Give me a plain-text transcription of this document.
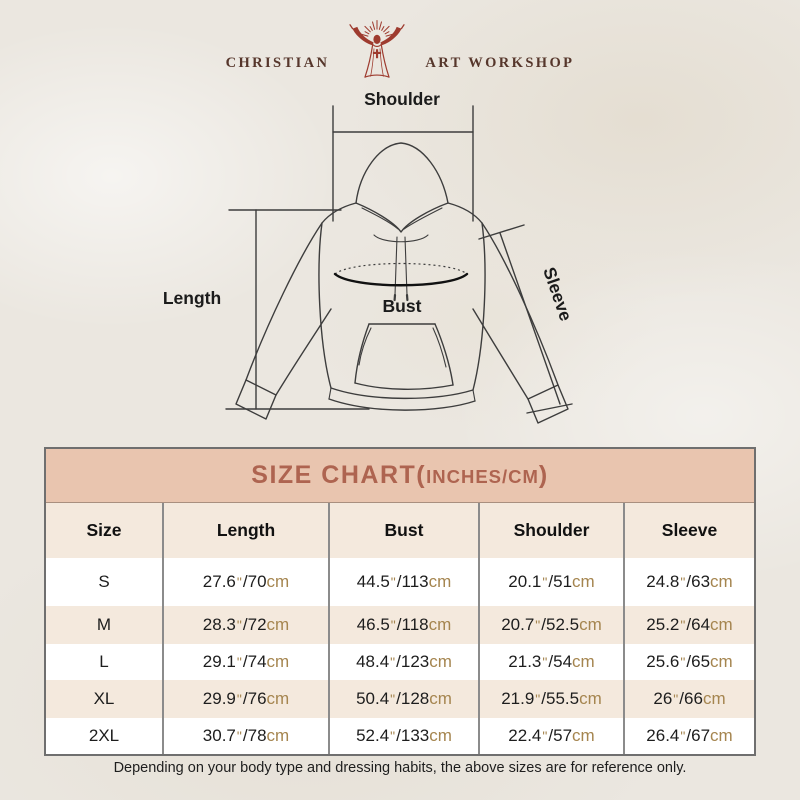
CHRISTIAN	ART WORKSHOP
Shoulder
Length	Sleeve
Bust
SIZE CHART( INCHES/CM )
Size	Length	Bust	Shoulder	Sleeve
S	27.6 " / 70 cm	44.5 " / 113 cm	20.1 " / 51 cm	24.8 " / 63 cm
M	28.3 " / 72 cm	46.5 " / 118 cm	20.7 " / 52.5 cm	25.2 " / 64 cm
L	29.1 " / 74 cm	48.4 " / 123 cm	21.3 " / 54 cm	25.6 " / 65 cm
XL	29.9 " / 76 cm	50.4 " / 128 cm	21.9 " / 55.5 cm	26 " / 66 cm
2XL	30.7 " / 78 cm	52.4 " / 133 cm	22.4 " / 57 cm	26.4 " / 67 cm
Depending on your body type and dressing habits, the above sizes are for reference only.
